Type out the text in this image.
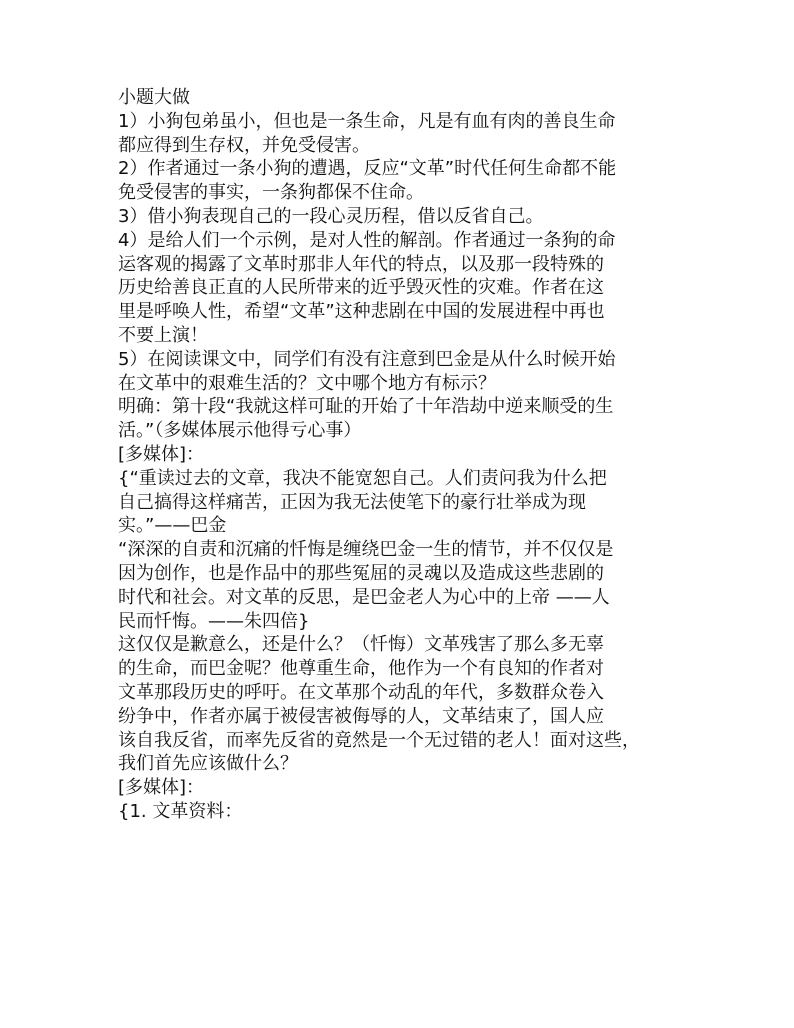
小题大做
1）小狗包弟虽小，但也是一条生命，凡是有血有肉的善良生命
都应得到生存权，并免受侵害。
2）作者通过一条小狗的遭遇，反应“文革”时代任何生命都不能
免受侵害的事实，一条狗都保不住命。
3）借小狗表现自己的一段心灵历程，借以反省自己。
4）是给人们一个示例，是对人性的解剖。作者通过一条狗的命
运客观的揭露了文革时那非人年代的特点，以及那一段特殊的
历史给善良正直的人民所带来的近乎毁灭性的灾难。作者在这
里是呼唤人性，希望“文革”这种悲剧在中国的发展进程中再也
不要上演！
5）在阅读课文中，同学们有没有注意到巴金是从什么时候开始
在文革中的艰难生活的？文中哪个地方有标示？
明确：第十段“我就这样可耻的开始了十年浩劫中逆来顺受的生
活。”（多媒体展示他得亏心事）
[多媒体]：
{“重读过去的文章，我决不能宽恕自己。人们责问我为什么把
自己搞得这样痛苦，正因为我无法使笔下的豪行壮举成为现
实。”——巴金
“深深的自责和沉痛的忏悔是缠绕巴金一生的情节，并不仅仅是
因为创作，也是作品中的那些冤屈的灵魂以及造成这些悲剧的
时代和社会。对文革的反思，是巴金老人为心中的上帝 ——人
民而忏悔。——朱四倍}
这仅仅是歉意么，还是什么？（忏悔）文革残害了那么多无辜
的生命，而巴金呢？他尊重生命，他作为一个有良知的作者对
文革那段历史的呼吁。在文革那个动乱的年代，多数群众卷入
纷争中，作者亦属于被侵害被侮辱的人，文革结束了，国人应
该自我反省，而率先反省的竟然是一个无过错的老人！面对这些，
我们首先应该做什么？
[多媒体]：
{1. 文革资料：
